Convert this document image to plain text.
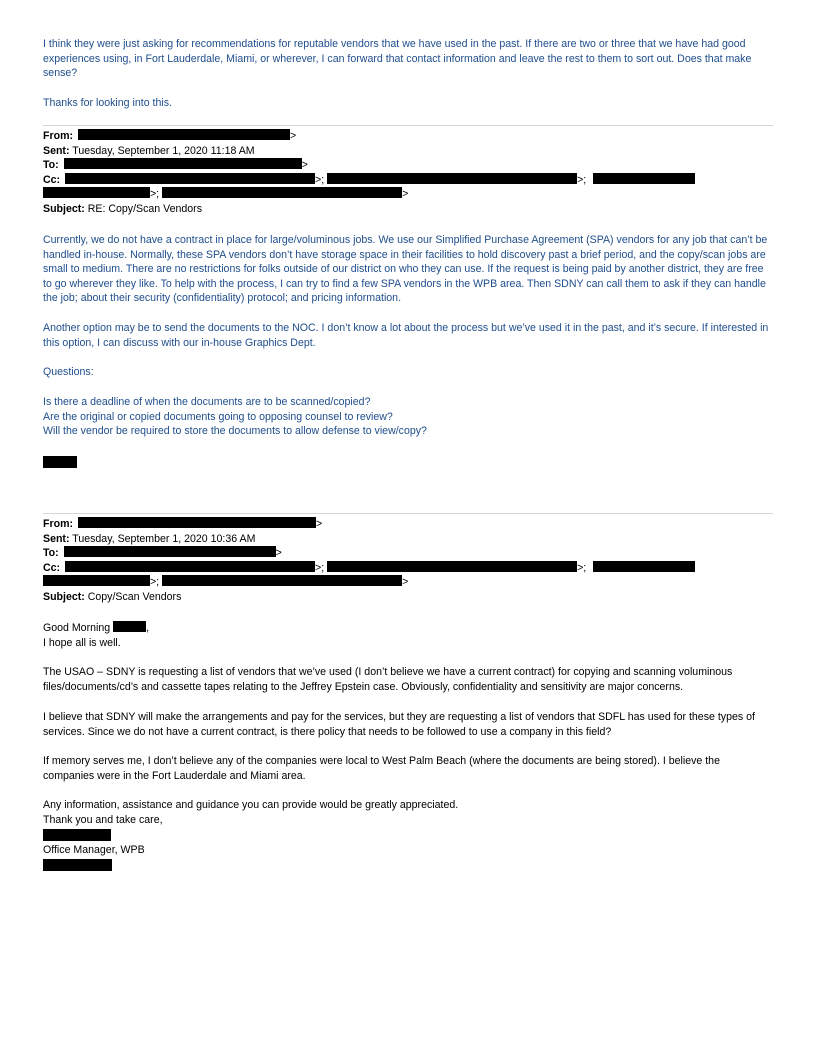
I think they were just asking for recommendations for reputable vendors that we have used in the past. If there are two or three that we have had good experiences using, in Fort Lauderdale, Miami, or wherever, I can forward that contact information and leave the rest to them to sort out. Does that make sense?

Thanks for looking into this.

From:	>
Sent: Tuesday, September 1, 2020 11:18 AM
To:	>
Cc:	>;	>;
>;	>
Subject: RE: Copy/Scan Vendors

Currently, we do not have a contract in place for large/voluminous jobs. We use our Simplified Purchase Agreement (SPA) vendors for any job that can’t be handled in-house. Normally, these SPA vendors don’t have storage space in their facilities to hold discovery past a brief period, and the copy/scan jobs are small to medium. There are no restrictions for folks outside of our district on who they can use. If the request is being paid by another district, they are free to go wherever they like. To help with the process, I can try to find a few SPA vendors in the WPB area. Then SDNY can call them to ask if they can handle the job; about their security (confidentiality) protocol; and pricing information.

Another option may be to send the documents to the NOC. I don’t know a lot about the process but we’ve used it in the past, and it’s secure. If interested in this option, I can discuss with our in-house Graphics Dept.

Questions:

Is there a deadline of when the documents are to be scanned/copied?

Are the original or copied documents going to opposing counsel to review?

Will the vendor be required to store the documents to allow defense to view/copy?

From:	>
Sent: Tuesday, September 1, 2020 10:36 AM
To:	>
Cc:	>;	>;
>;	>
Subject: Copy/Scan Vendors

Good Morning	,

I hope all is well.

The USAO – SDNY is requesting a list of vendors that we’ve used (I don’t believe we have a current contract) for copying and scanning voluminous files/documents/cd’s and cassette tapes relating to the Jeffrey Epstein case. Obviously, confidentiality and sensitivity are major concerns.

I believe that SDNY will make the arrangements and pay for the services, but they are requesting a list of vendors that SDFL has used for these types of services. Since we do not have a current contract, is there policy that needs to be followed to use a company in this field?

If memory serves me, I don’t believe any of the companies were local to West Palm Beach (where the documents are being stored). I believe the companies were in the Fort Lauderdale and Miami area.

Any information, assistance and guidance you can provide would be greatly appreciated.

Thank you and take care,

Office Manager, WPB
